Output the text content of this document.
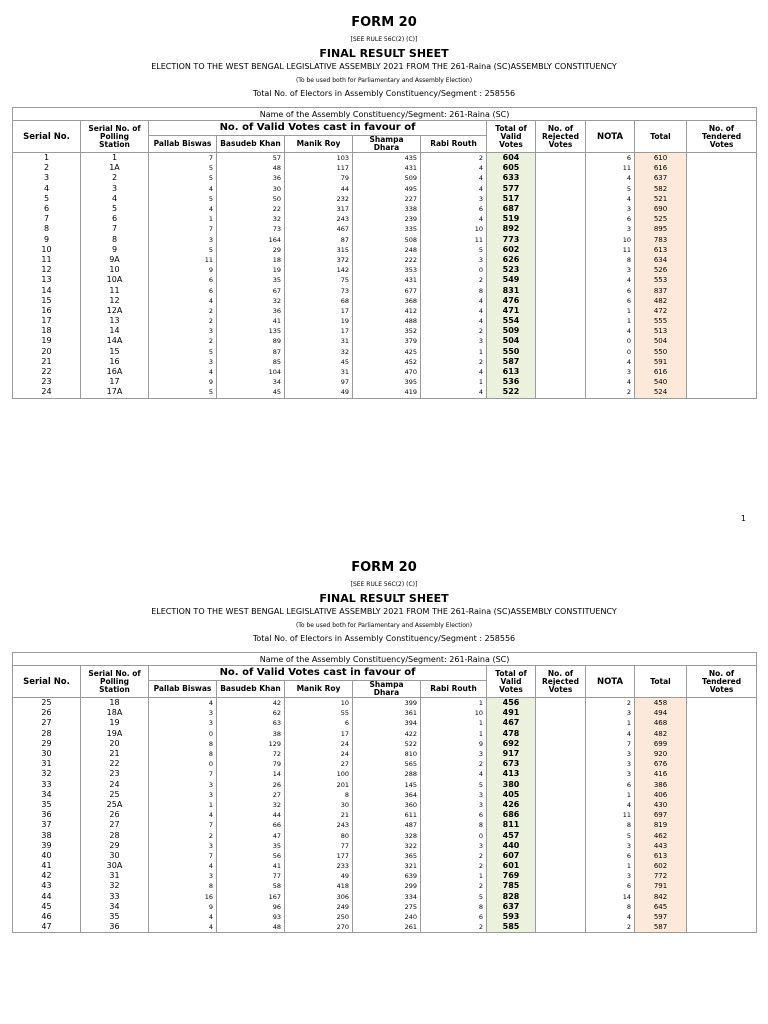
FORM 20
[SEE RULE 56C(2) (C)]
FINAL RESULT SHEET
ELECTION TO THE WEST BENGAL LEGISLATIVE ASSEMBLY 2021 FROM THE 261-Raina (SC)ASSEMBLY CONSTITUENCY
(To be used both for Parliamentary and Assembly Election)
Total No. of Electors in Assembly Constituency/Segment : 258556
Name of the Assembly Constituency/Segment: 261-Raina (SC)											
Serial No.	Serial No. of Polling Station	No. of Valid Votes cast in favour of					Total of Valid Votes	No. of Rejected Votes	NOTA	Total	No. of Tendered Votes
		Pallab Biswas	Basudeb Khan	Manik Roy	Shampa Dhara	Rabi Routh					
1	1	7	57	103	435	2	604		6	610	
2	1A	5	48	117	431	4	605		11	616	
3	2	5	36	79	509	4	633		4	637	
4	3	4	30	44	495	4	577		5	582	
5	4	5	50	232	227	3	517		4	521	
6	5	4	22	317	338	6	687		3	690	
7	6	1	32	243	239	4	519		6	525	
8	7	7	73	467	335	10	892		3	895	
9	8	3	164	87	508	11	773		10	783	
10	9	5	29	315	248	5	602		11	613	
11	9A	11	18	372	222	3	626		8	634	
12	10	9	19	142	353	0	523		3	526	
13	10A	6	35	75	431	2	549		4	553	
14	11	6	67	73	677	8	831		6	837	
15	12	4	32	68	368	4	476		6	482	
16	12A	2	36	17	412	4	471		1	472	
17	13	2	41	19	488	4	554		1	555	
18	14	3	135	17	352	2	509		4	513	
19	14A	2	89	31	379	3	504		0	504	
20	15	5	87	32	425	1	550		0	550	
21	16	3	85	45	452	2	587		4	591	
22	16A	4	104	31	470	4	613		3	616	
23	17	9	34	97	395	1	536		4	540	
24	17A	5	45	49	419	4	522		2	524	
1
FORM 20
[SEE RULE 56C(2) (C)]
FINAL RESULT SHEET
ELECTION TO THE WEST BENGAL LEGISLATIVE ASSEMBLY 2021 FROM THE 261-Raina (SC)ASSEMBLY CONSTITUENCY
(To be used both for Parliamentary and Assembly Election)
Total No. of Electors in Assembly Constituency/Segment : 258556
Name of the Assembly Constituency/Segment: 261-Raina (SC)											
Serial No.	Serial No. of Polling Station	No. of Valid Votes cast in favour of					Total of Valid Votes	No. of Rejected Votes	NOTA	Total	No. of Tendered Votes
		Pallab Biswas	Basudeb Khan	Manik Roy	Shampa Dhara	Rabi Routh					
25	18	4	42	10	399	1	456		2	458	
26	18A	3	62	55	361	10	491		3	494	
27	19	3	63	6	394	1	467		1	468	
28	19A	0	38	17	422	1	478		4	482	
29	20	8	129	24	522	9	692		7	699	
30	21	8	72	24	810	3	917		3	920	
31	22	0	79	27	565	2	673		3	676	
32	23	7	14	100	288	4	413		3	416	
33	24	3	26	201	145	5	380		6	386	
34	25	3	27	8	364	3	405		1	406	
35	25A	1	32	30	360	3	426		4	430	
36	26	4	44	21	611	6	686		11	697	
37	27	7	66	243	487	8	811		8	819	
38	28	2	47	80	328	0	457		5	462	
39	29	3	35	77	322	3	440		3	443	
40	30	7	56	177	365	2	607		6	613	
41	30A	4	41	233	321	2	601		1	602	
42	31	3	77	49	639	1	769		3	772	
43	32	8	58	418	299	2	785		6	791	
44	33	16	167	306	334	5	828		14	842	
45	34	9	96	249	275	8	637		8	645	
46	35	4	93	250	240	6	593		4	597	
47	36	4	48	270	261	2	585		2	587	
